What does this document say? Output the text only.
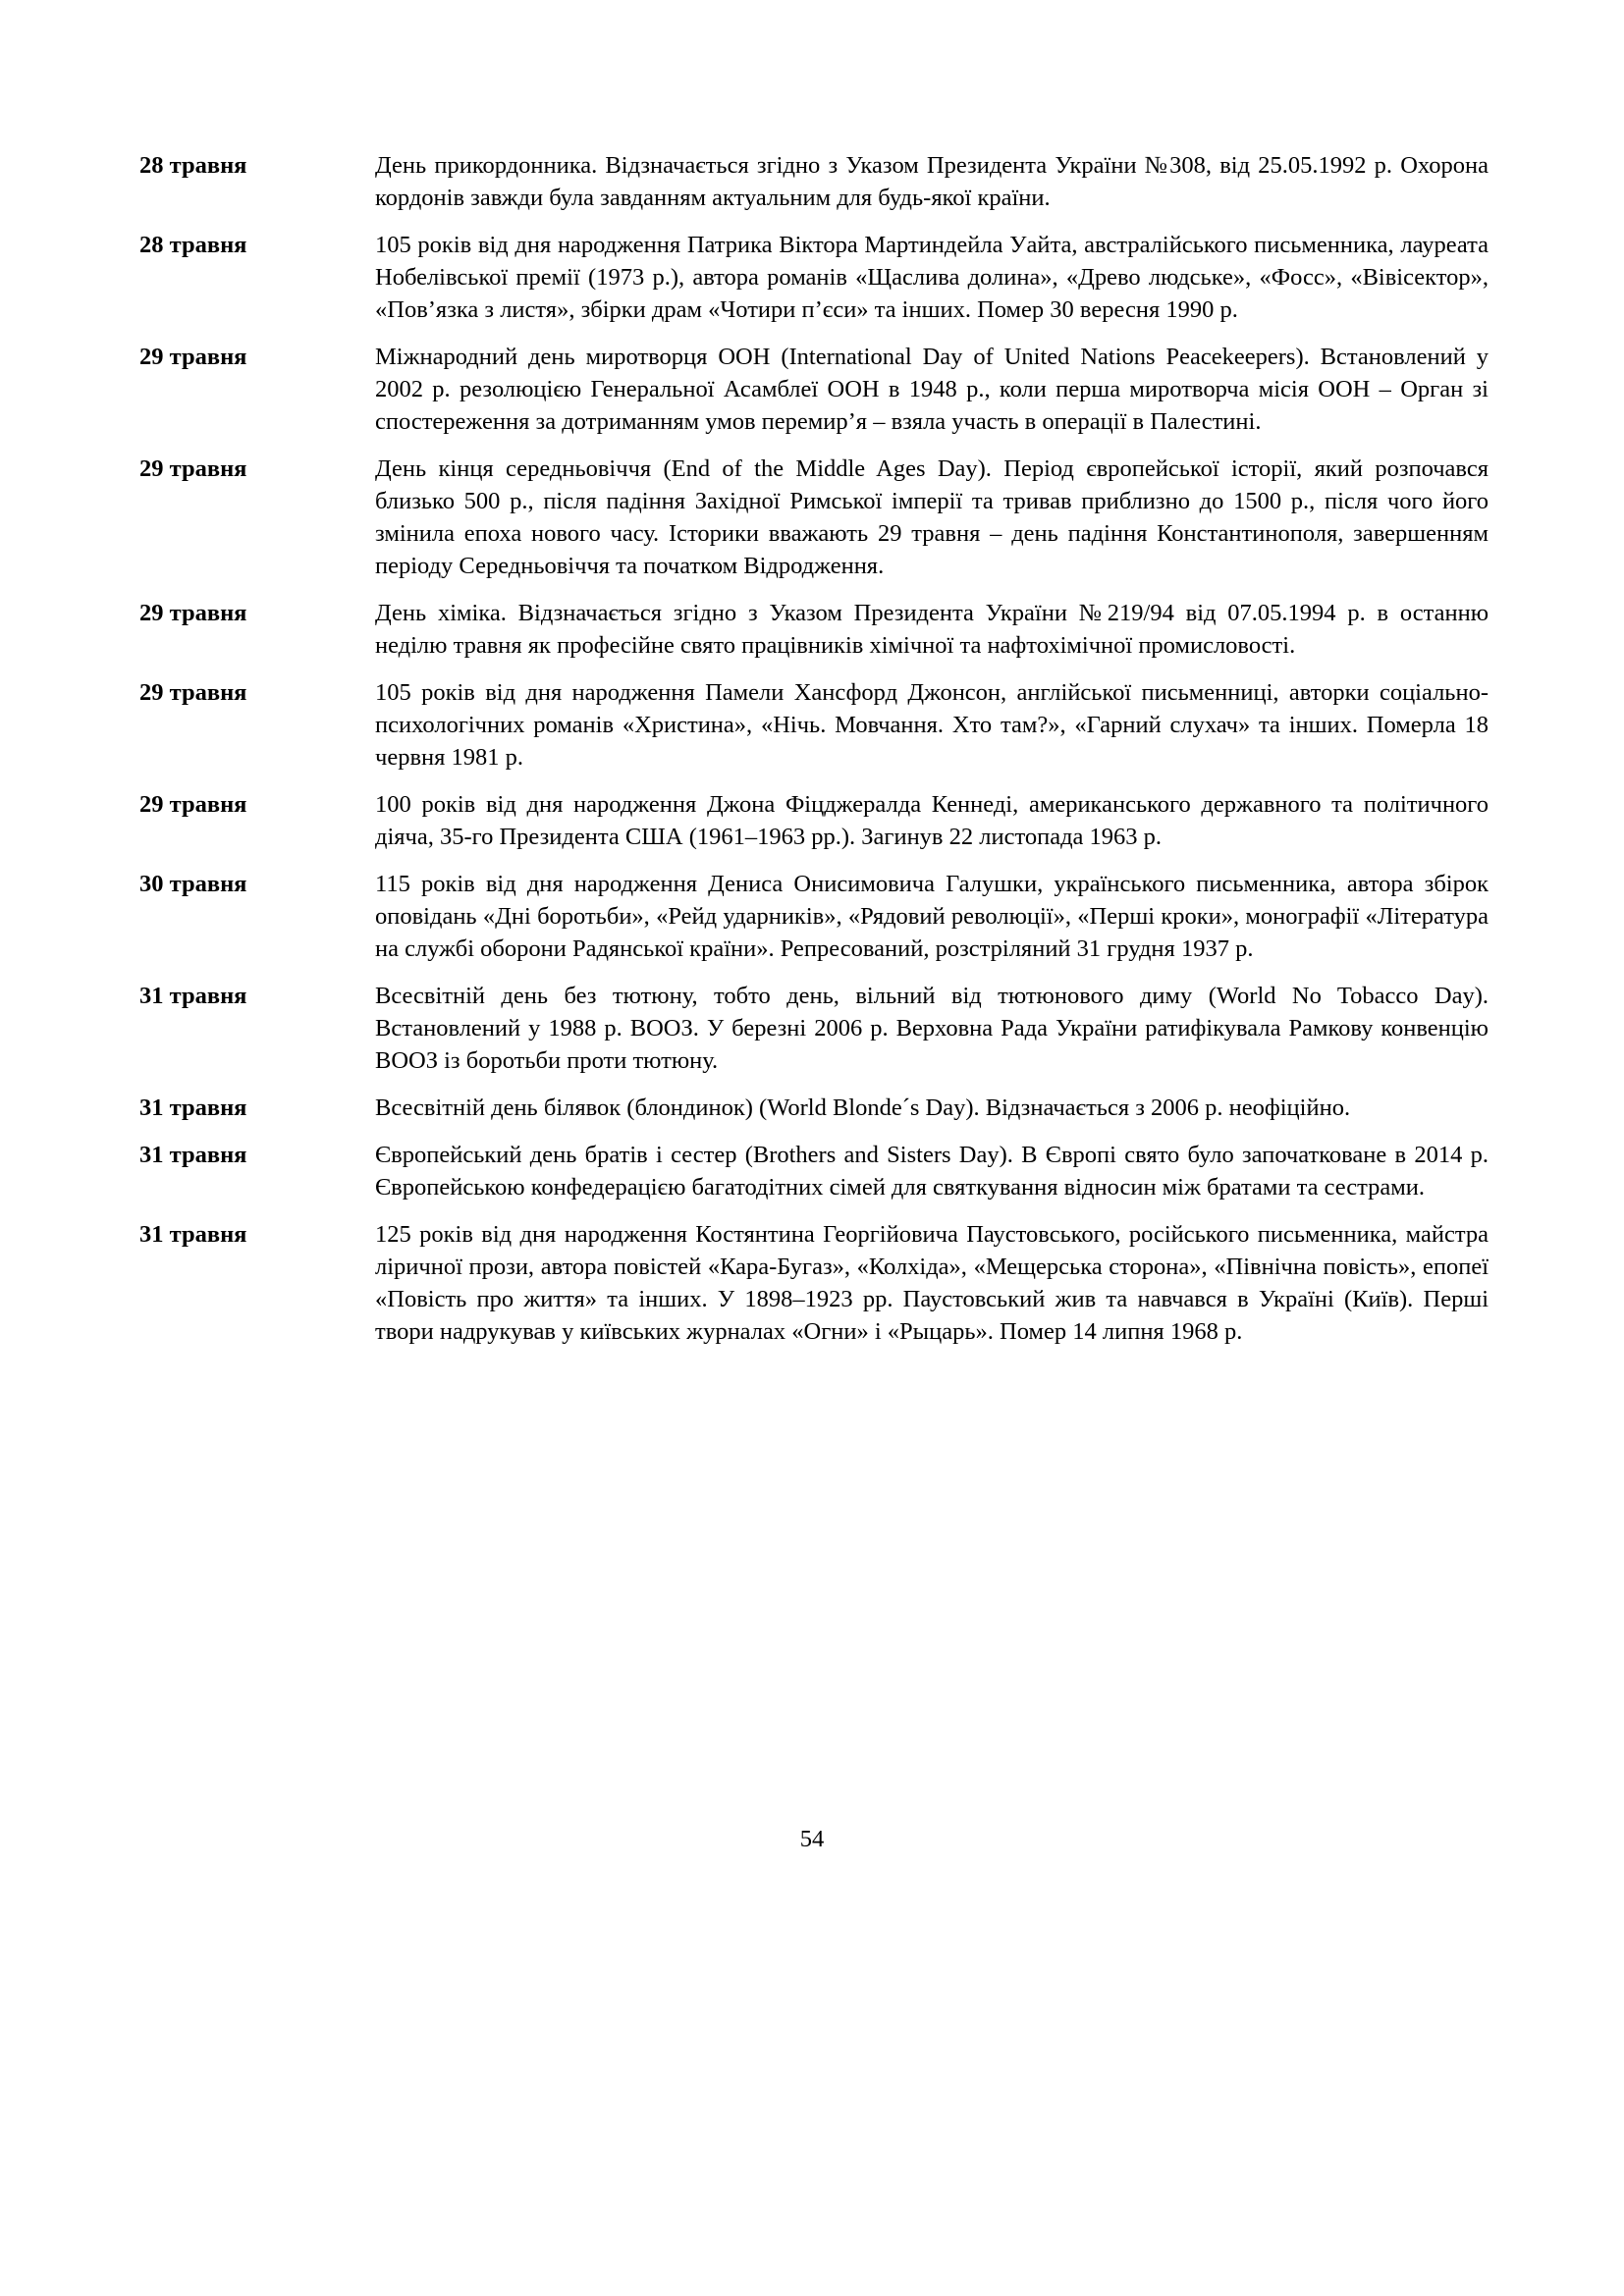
28 травня	День прикордонника. Відзначається згідно з Указом Президента України №308, від 25.05.1992 р. Охорона кордонів завжди була завданням актуальним для будь-якої країни.
28 травня	105 років від дня народження Патрика Віктора Мартиндейла Уайта, австралійського письменника, лауреата Нобелівської премії (1973 р.), автора романів «Щаслива долина», «Древо людське», «Фосс», «Вівісектор», «Пов’язка з листя», збірки драм «Чотири п’єси» та інших. Помер 30 вересня 1990 р.
29 травня	Міжнародний день миротворця ООН (International Day of United Nations Peacekeepers). Встановлений у 2002 р. резолюцією Генеральної Асамблеї ООН в 1948 р., коли перша миротворча місія ООН – Орган зі спостереження за дотриманням умов перемир’я – взяла участь в операції в Палестині.
29 травня	День кінця середньовіччя (End of the Middle Ages Day). Період європейської історії, який розпочався близько 500 р., після падіння Західної Римської імперії та тривав приблизно до 1500 р., після чого його змінила епоха нового часу. Історики вважають 29 травня – день падіння Константинополя, завершенням періоду Середньовіччя та початком Відродження.
29 травня	День хіміка. Відзначається згідно з Указом Президента України №219/94 від 07.05.1994 р. в останню неділю травня як професійне свято працівників хімічної та нафтохімічної промисловості.
29 травня	105 років від дня народження Памели Хансфорд Джонсон, англійської письменниці, авторки соціально-психологічних романів «Христина», «Нічь. Мовчання. Хто там?», «Гарний слухач» та інших. Померла 18 червня 1981 р.
29 травня	100 років від дня народження Джона Фіцджералда Кеннеді, американського державного та політичного діяча, 35-го Президента США (1961–1963 рр.). Загинув 22 листопада 1963 р.
30 травня	115 років від дня народження Дениса Онисимовича Галушки, українського письменника, автора збірок оповідань «Дні боротьби», «Рейд ударників», «Рядовий революції», «Перші кроки», монографії «Література на службі оборони Радянської країни». Репресований, розстріляний 31 грудня 1937 р.
31 травня	Всесвітній день без тютюну, тобто день, вільний від тютюнового диму (World No Tobacco Day). Встановлений у 1988 р. ВООЗ. У березні 2006 р. Верховна Рада України ратифікувала Рамкову конвенцію ВООЗ із боротьби проти тютюну.
31 травня	Всесвітній день білявок (блондинок) (World Blonde´s Day). Відзначається з 2006 р. неофіційно.
31 травня	Європейський день братів і сестер (Brothers and Sisters Day). В Європі свято було започатковане в 2014 р. Європейською конфедерацією багатодітних сімей для святкування відносин між братами та сестрами.
31 травня	125 років від дня народження Костянтина Георгійовича Паустовського, російського письменника, майстра ліричної прози, автора повістей «Кара-Бугаз», «Колхіда», «Мещерська сторона», «Північна повість», епопеї «Повість про життя» та інших. У 1898–1923 рр. Паустовський жив та навчався в Україні (Київ). Перші твори надрукував у київських журналах «Огни» і «Рыцарь». Помер 14 липня 1968 р.
54
